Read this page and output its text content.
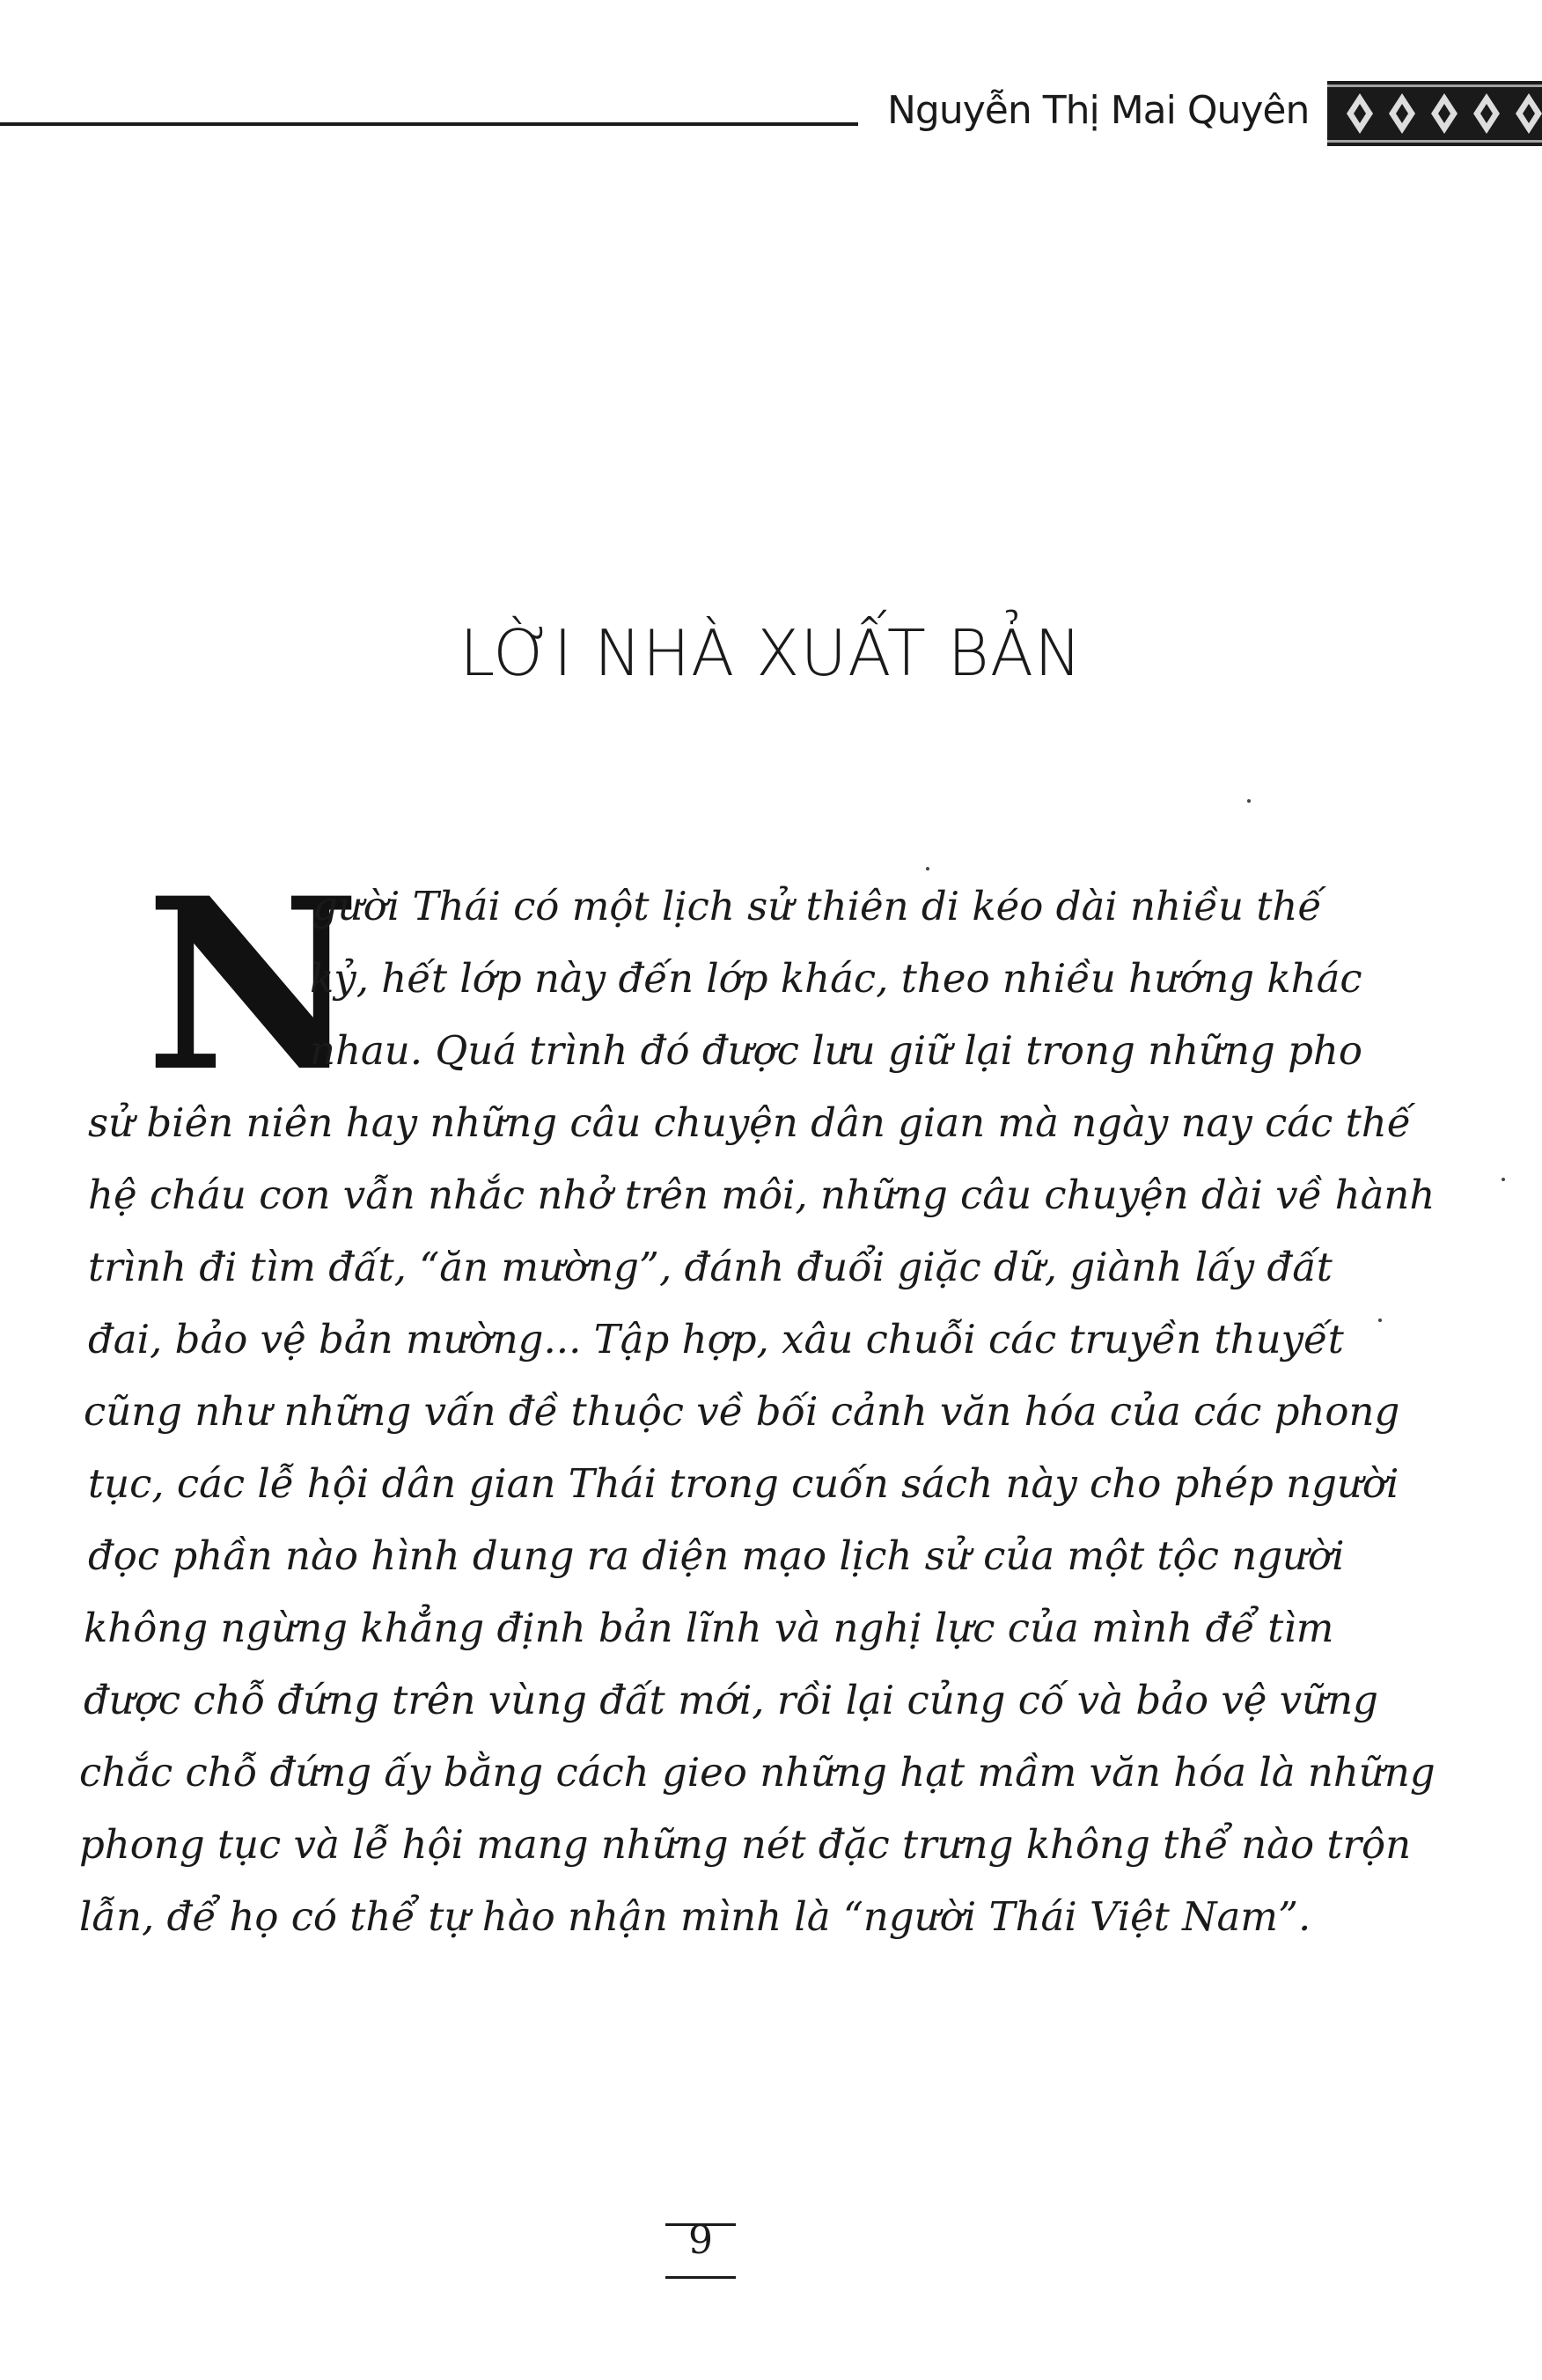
Nguyễn Thị Mai Quyên
LỜI NHÀ XUẤT BẢN
N
gười Thái có một lịch sử thiên di kéo dài nhiều thế
kỷ, hết lớp này đến lớp khác, theo nhiều hướng khác
nhau. Quá trình đó được lưu giữ lại trong những pho
sử biên niên hay những câu chuyện dân gian mà ngày nay các thế
hệ cháu con vẫn nhắc nhở trên môi, những câu chuyện dài về hành
trình đi tìm đất, “ăn mường”, đánh đuổi giặc dữ, giành lấy đất
đai, bảo vệ bản mường... Tập hợp, xâu chuỗi các truyền thuyết
cũng như những vấn đề thuộc về bối cảnh văn hóa của các phong
tục, các lễ hội dân gian Thái trong cuốn sách này cho phép người
đọc phần nào hình dung ra diện mạo lịch sử của một tộc người
không ngừng khẳng định bản lĩnh và nghị lực của mình để tìm
được chỗ đứng trên vùng đất mới, rồi lại củng cố và bảo vệ vững
chắc chỗ đứng ấy bằng cách gieo những hạt mầm văn hóa là những
phong tục và lễ hội mang những nét đặc trưng không thể nào trộn
lẫn, để họ có thể tự hào nhận mình là “người Thái Việt Nam”.
9
